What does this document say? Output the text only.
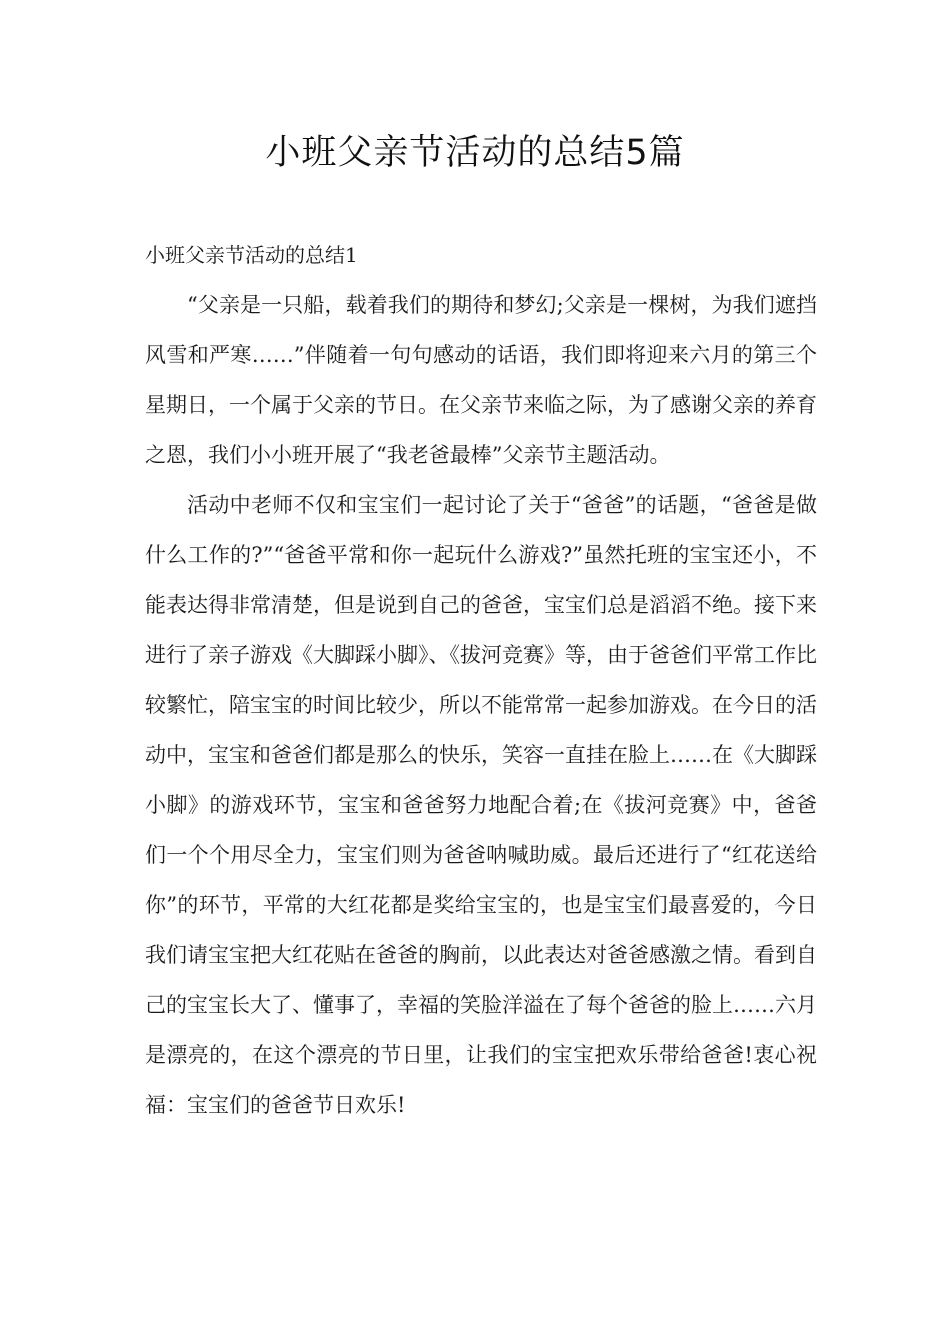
小班父亲节活动的总结5篇

小班父亲节活动的总结1

“父亲是一只船，载着我们的期待和梦幻;父亲是一棵树，为我们遮挡风雪和严寒……”伴随着一句句感动的话语，我们即将迎来六月的第三个星期日，一个属于父亲的节日。在父亲节来临之际，为了感谢父亲的养育之恩，我们小小班开展了“我老爸最棒”父亲节主题活动。

活动中老师不仅和宝宝们一起讨论了关于“爸爸”的话题，“爸爸是做什么工作的?”“爸爸平常和你一起玩什么游戏?”虽然托班的宝宝还小，不能表达得非常清楚，但是说到自己的爸爸，宝宝们总是滔滔不绝。接下来进行了亲子游戏《大脚踩小脚》、《拔河竞赛》等，由于爸爸们平常工作比较繁忙，陪宝宝的时间比较少，所以不能常常一起参加游戏。在今日的活动中，宝宝和爸爸们都是那么的快乐，笑容一直挂在脸上……在《大脚踩小脚》的游戏环节，宝宝和爸爸努力地配合着;在《拔河竞赛》中，爸爸们一个个用尽全力，宝宝们则为爸爸呐喊助威。最后还进行了“红花送给你”的环节，平常的大红花都是奖给宝宝的，也是宝宝们最喜爱的，今日我们请宝宝把大红花贴在爸爸的胸前，以此表达对爸爸感激之情。看到自己的宝宝长大了、懂事了，幸福的笑脸洋溢在了每个爸爸的脸上……六月是漂亮的，在这个漂亮的节日里，让我们的宝宝把欢乐带给爸爸!衷心祝福：宝宝们的爸爸节日欢乐!
